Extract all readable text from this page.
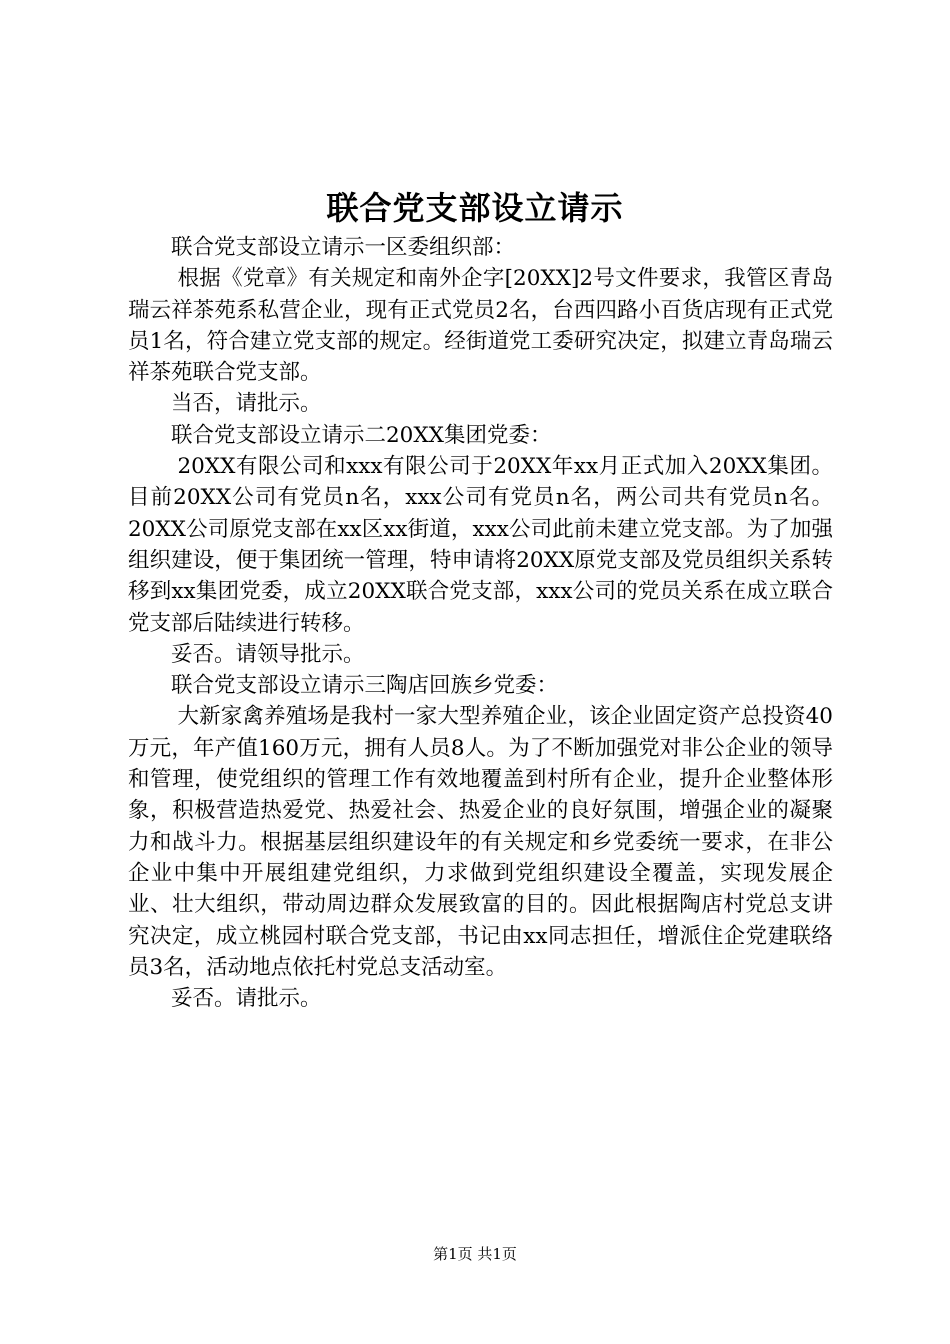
联合党支部设立请示

联合党支部设立请示一区委组织部：

根据《党章》有关规定和南外企字[20XX]2号文件要求，我管区青岛瑞云祥茶苑系私营企业，现有正式党员2名，台西四路小百货店现有正式党员1名，符合建立党支部的规定。经街道党工委研究决定，拟建立青岛瑞云祥茶苑联合党支部。

当否，请批示。

联合党支部设立请示二20XX集团党委：

20XX有限公司和xxx有限公司于20XX年xx月正式加入20XX集团。目前20XX公司有党员n名，xxx公司有党员n名，两公司共有党员n名。20XX公司原党支部在xx区xx街道，xxx公司此前未建立党支部。为了加强组织建设，便于集团统一管理，特申请将20XX原党支部及党员组织关系转移到xx集团党委，成立20XX联合党支部，xxx公司的党员关系在成立联合党支部后陆续进行转移。

妥否。请领导批示。

联合党支部设立请示三陶店回族乡党委：

大新家禽养殖场是我村一家大型养殖企业，该企业固定资产总投资40万元，年产值160万元，拥有人员8人。为了不断加强党对非公企业的领导和管理，使党组织的管理工作有效地覆盖到村所有企业，提升企业整体形象，积极营造热爱党、热爱社会、热爱企业的良好氛围，增强企业的凝聚力和战斗力。根据基层组织建设年的有关规定和乡党委统一要求，在非公企业中集中开展组建党组织，力求做到党组织建设全覆盖，实现发展企业、壮大组织，带动周边群众发展致富的目的。因此根据陶店村党总支讲究决定，成立桃园村联合党支部，书记由xx同志担任，增派住企党建联络员3名，活动地点依托村党总支活动室。

妥否。请批示。

第1页 共1页
